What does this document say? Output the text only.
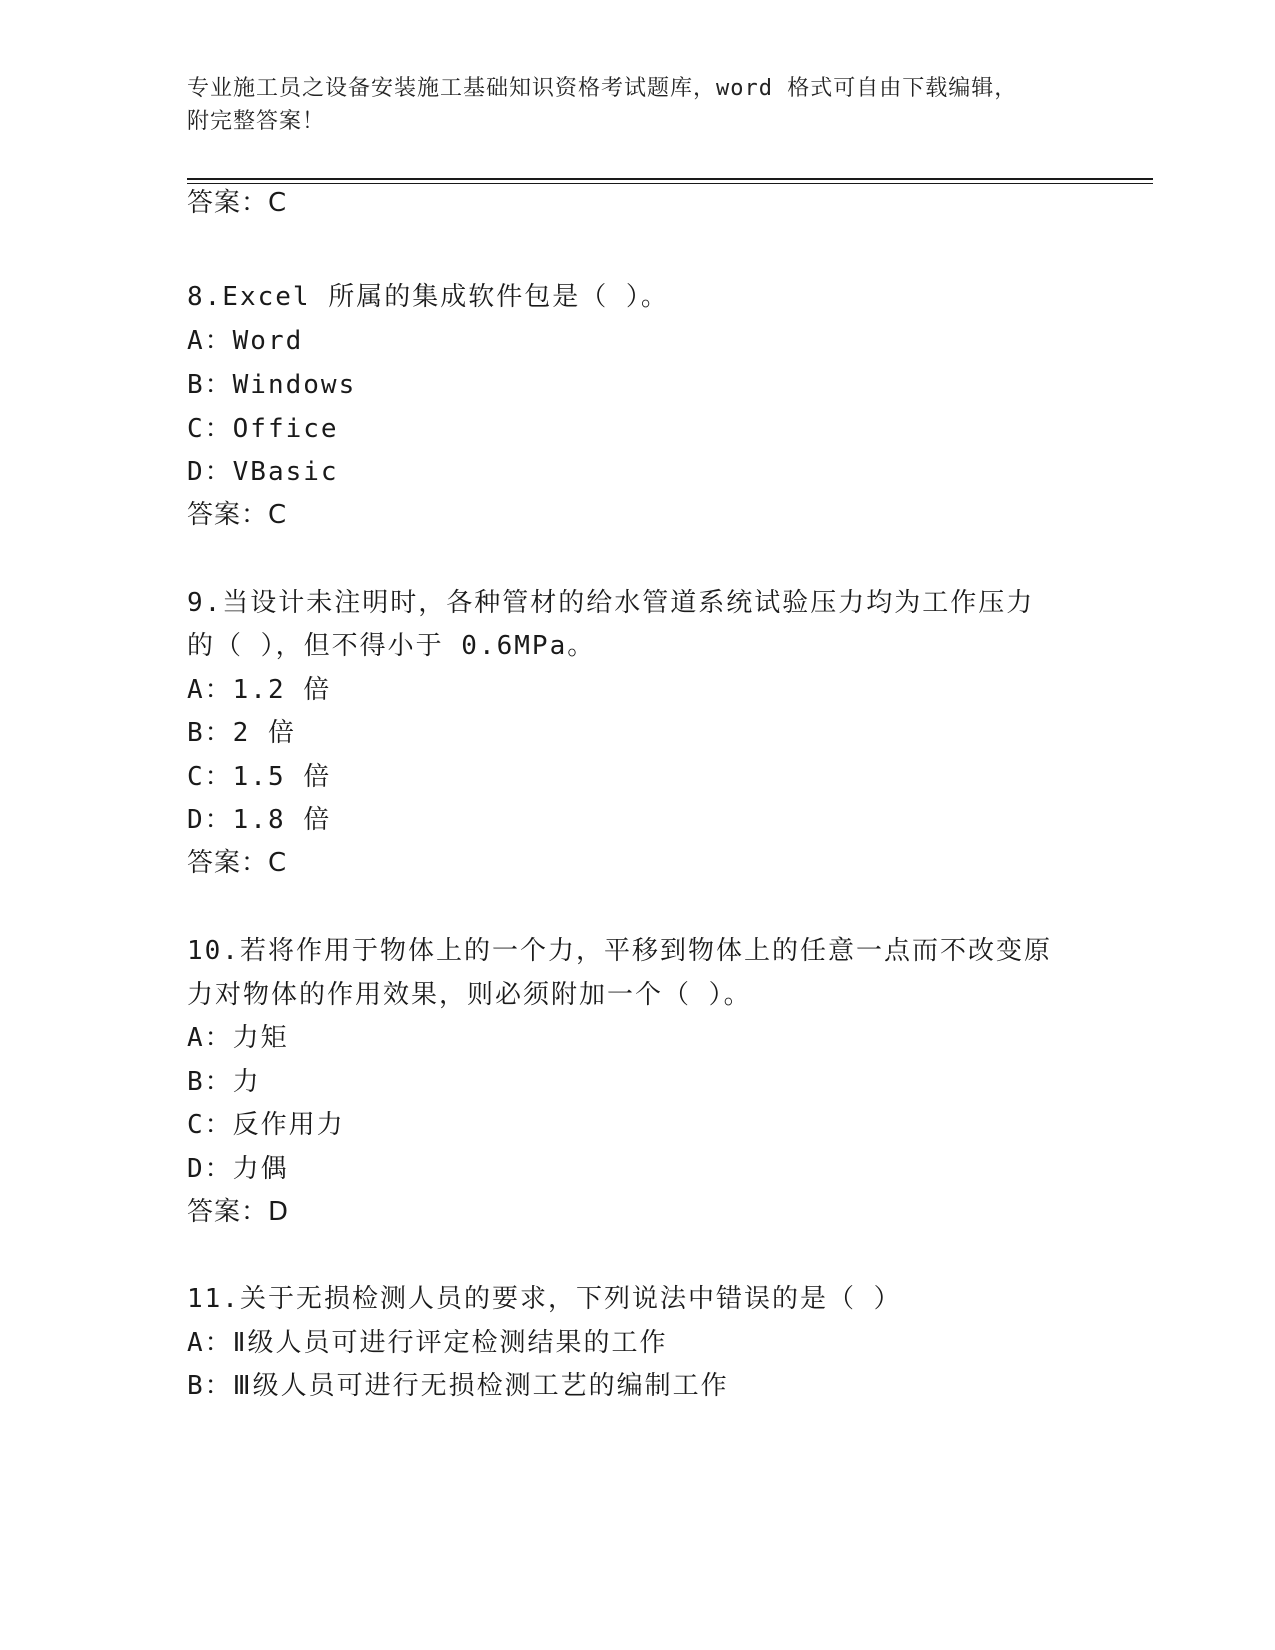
专业施工员之设备安装施工基础知识资格考试题库，word 格式可自由下载编辑，
附完整答案！
答案：C
8.Excel 所属的集成软件包是（ ）。
A：Word
B：Windows
C：Office
D：VBasic
答案：C
9.当设计未注明时，各种管材的给水管道系统试验压力均为工作压力
的（ ），但不得小于 0.6MPa。
A：1.2 倍
B：2 倍
C：1.5 倍
D：1.8 倍
答案：C
10.若将作用于物体上的一个力，平移到物体上的任意一点而不改变原
力对物体的作用效果，则必须附加一个（ ）。
A：力矩
B：力
C：反作用力
D：力偶
答案：D
11.关于无损检测人员的要求，下列说法中错误的是（ ）
A：Ⅱ级人员可进行评定检测结果的工作
B：Ⅲ级人员可进行无损检测工艺的编制工作
